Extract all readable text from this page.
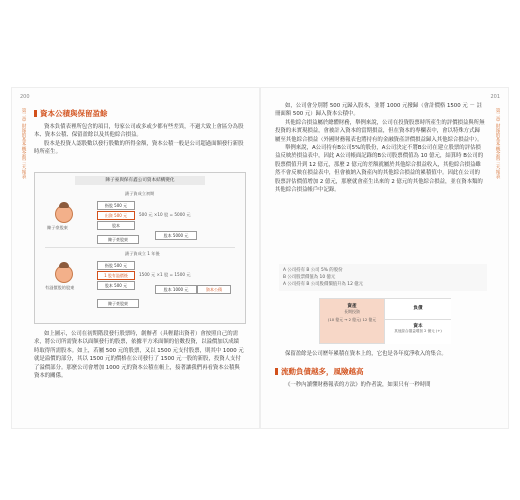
200
第二章 財報的基本概念與三大報表	資本公積與保留盈餘

資本負債表裡所包含的項目，每家公司或多或少都有些差異，不過大致上會區分為股本、資本公積、保留盈餘以及其他綜合損益。

股本是投資人認股數以發行股數的所得金額，資本公積一般是公司超過面額發行新股時所產生。

陳子豪與保有鑫公司資本結構變化
鎖子資成立初期
陳子豪股東
指股 500 元
出資 500 元	500 元 ×10 股 = 5000 元
股本
股本 5000 元
陳子豪股東
鎖子資成立 1 年後
有溢價股的股東
指股 500 元
1 股有溢價後	1500 元 ×1 股 = 1500 元
股本 500 元
股本 1000 元	資本公積
陳子豪股東

如上圖示，公司在初期階段發行股票時，創辦者（具輕鬆出資者）會按照自己的需求，將公司所需資本以面額發行的股票，依據平方米面額的倍數投資，以溢價加以成績時取得所需股本。如上，若屬 500 元的股票，又以 1500 元支付股票，則其中 1000 元就是溢價的部分，其以 1500 元的價格在公司發行了 1500 元一股的新股，投資人支付了溢價部分。那麼公司會增加 1000 元的資本公積在帳上，接著讓我們再看資本公積與資本的關係。

201
第二章 財報的基本概念與三大報表

如，公司會分別將 500 元歸入股本，並將 1000 元撥歸（會計價格 1500 元 － 註冊面額 500 元）歸入資本公積中。

其他綜合損益屬於總體財務，舉例來說，公司在投資股票時所產生的評價損益與所無投資的未實現損益，會被計入資本的當期損益，但在資本的專欄表中，會以特殊方式歸屬至其他綜合損益（外國財務報表也將持有的金融資產評價損益歸入其他綜合損益中）。

舉例來說，A公司持有B公司5%的股份，A公司決定不將B公司在建立股票的評估損益反映於損益表中，因此 A公司帳面記錄的B公司股票價值為 10 億元，結算時 B公司的股票價值升到 12 億元，那麼 2 億元的差額就屬於其他綜合損益收入，其他綜合損益雖然不會反映在損益表中，但會被納入資產內的其他綜合損益的累積值中。因此在公司的股票評估價值增加 2 億元，那麼就會產生出來的 2 億元的其他綜合損益，並在資本類的其他綜合損益帳戶中記錄。

A 公司持有 B 公司 5% 的股份
B 公司股票價值為 10 億元
A 公司持有 B 公司股價價值升為 12 億元
資產
長期投資
(10 億元 → 2 億元) 12 億元
負債
資本
其他綜合損益增加 2 億元 (+)

保留盈餘是公司歷年累積在資本上的，它也是各年度淨收入的集合。

流動負債越多，風險越高

《一秒內讀懂財務報表的方法》的作者說，如果只有一秒時間
